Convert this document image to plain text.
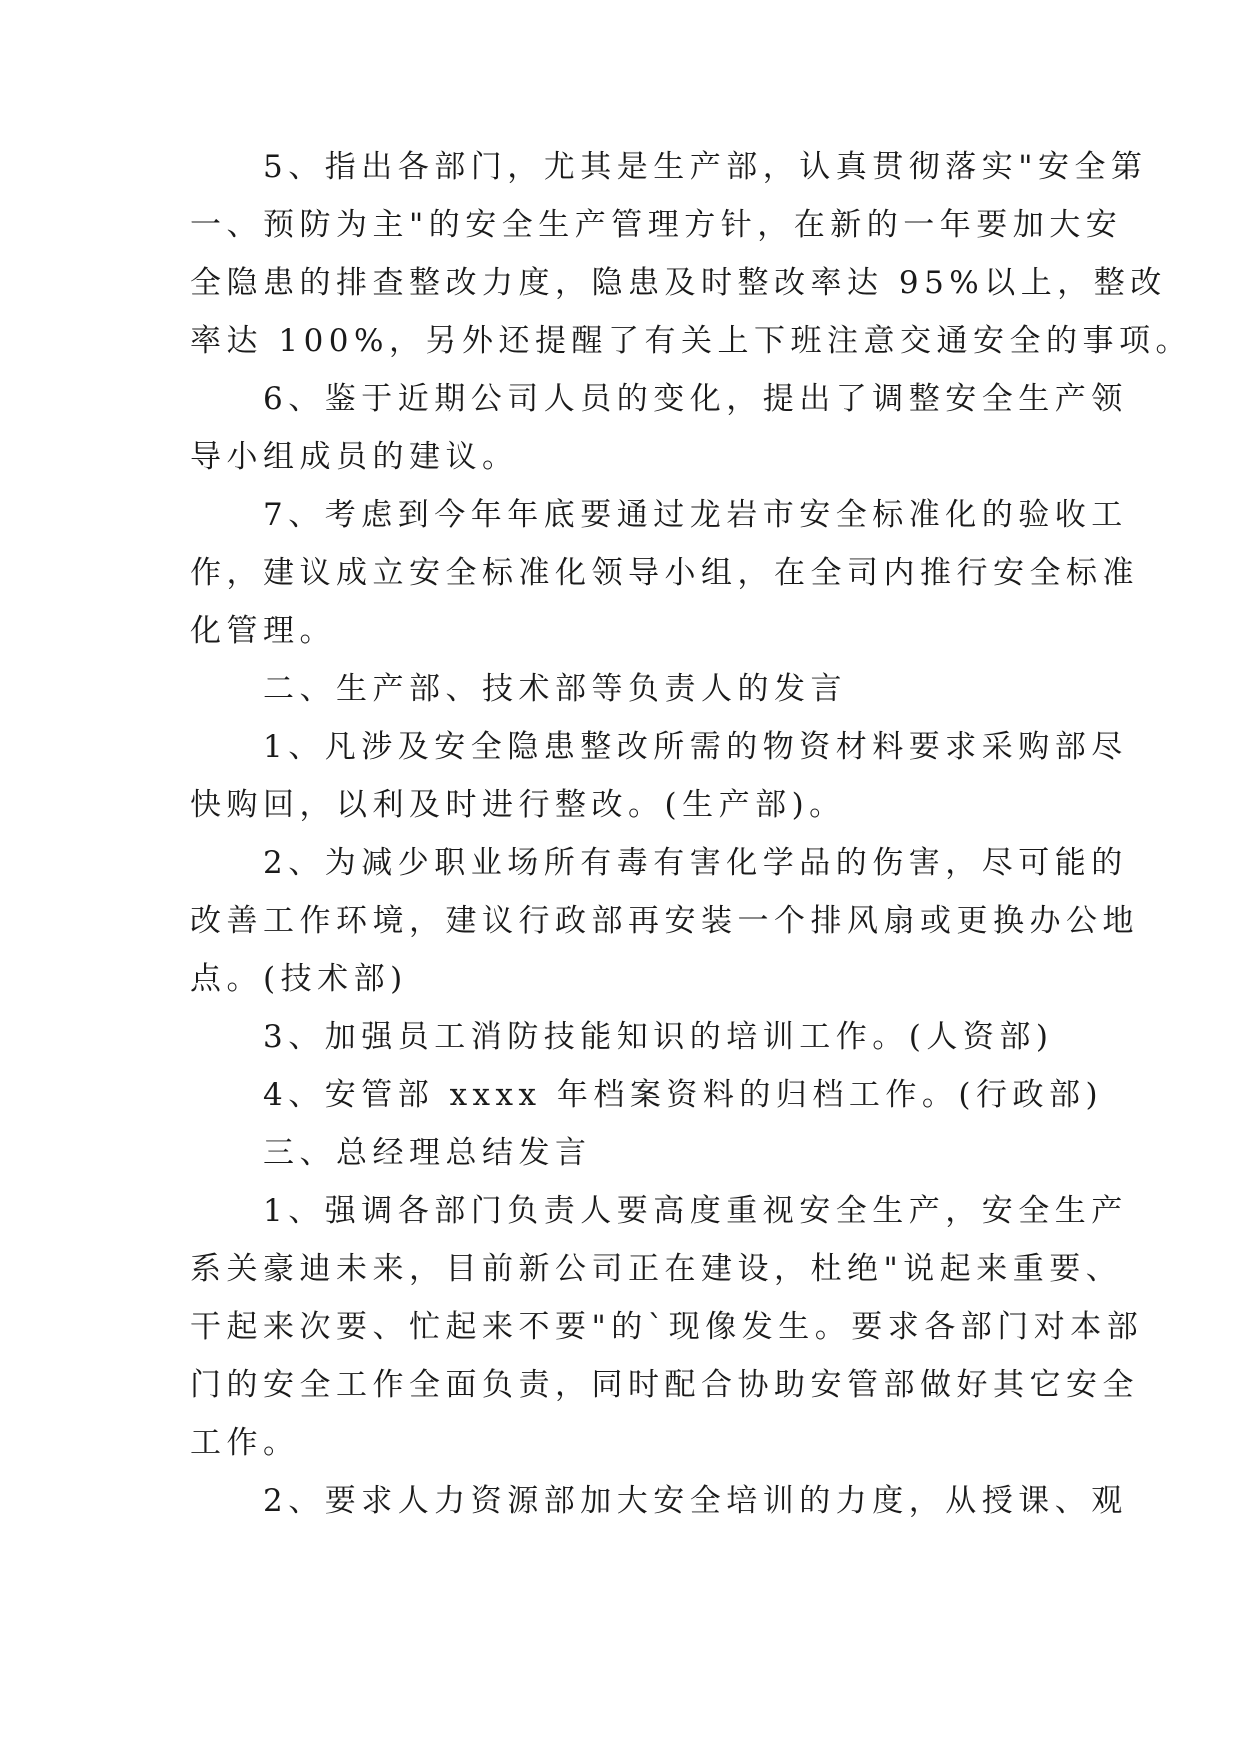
　　5、指出各部门，尤其是生产部，认真贯彻落实"安全第
一、预防为主"的安全生产管理方针，在新的一年要加大安
全隐患的排查整改力度，隐患及时整改率达 95%以上，整改
率达 100%，另外还提醒了有关上下班注意交通安全的事项。
　　6、鉴于近期公司人员的变化，提出了调整安全生产领
导小组成员的建议。
　　7、考虑到今年年底要通过龙岩市安全标准化的验收工
作，建议成立安全标准化领导小组，在全司内推行安全标准
化管理。
　　二、生产部、技术部等负责人的发言
　　1、凡涉及安全隐患整改所需的物资材料要求采购部尽
快购回，以利及时进行整改。(生产部)。
　　2、为减少职业场所有毒有害化学品的伤害，尽可能的
改善工作环境，建议行政部再安装一个排风扇或更换办公地
点。(技术部)
　　3、加强员工消防技能知识的培训工作。(人资部)
　　4、安管部 xxxx 年档案资料的归档工作。(行政部)
　　三、总经理总结发言
　　1、强调各部门负责人要高度重视安全生产，安全生产
系关豪迪未来，目前新公司正在建设，杜绝"说起来重要、
干起来次要、忙起来不要"的`现像发生。要求各部门对本部
门的安全工作全面负责，同时配合协助安管部做好其它安全
工作。
　　2、要求人力资源部加大安全培训的力度，从授课、观
